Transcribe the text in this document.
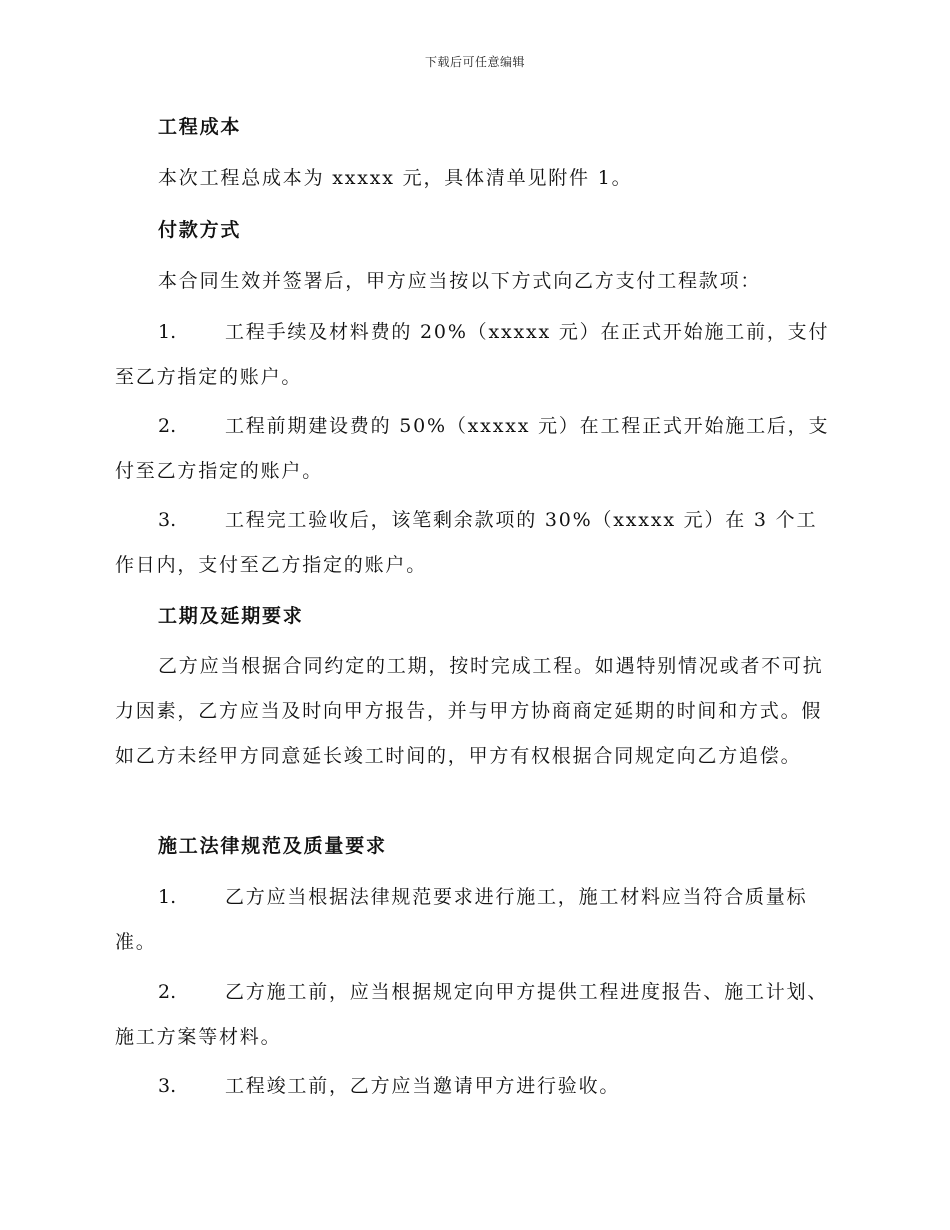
下载后可任意编辑
工程成本
本次工程总成本为 xxxxx 元，具体清单见附件 1。
付款方式
本合同生效并签署后，甲方应当按以下方式向乙方支付工程款项：
1.	工程手续及材料费的 20%（xxxxx 元）在正式开始施工前，支付至乙方指定的账户。
2.	工程前期建设费的 50%（xxxxx 元）在工程正式开始施工后，支付至乙方指定的账户。
3.	工程完工验收后，该笔剩余款项的 30%（xxxxx 元）在 3 个工作日内，支付至乙方指定的账户。
工期及延期要求
乙方应当根据合同约定的工期，按时完成工程。如遇特别情况或者不可抗力因素，乙方应当及时向甲方报告，并与甲方协商商定延期的时间和方式。假如乙方未经甲方同意延长竣工时间的，甲方有权根据合同规定向乙方追偿。
施工法律规范及质量要求
1.	乙方应当根据法律规范要求进行施工，施工材料应当符合质量标准。
2.	乙方施工前，应当根据规定向甲方提供工程进度报告、施工计划、施工方案等材料。
3.	工程竣工前，乙方应当邀请甲方进行验收。
